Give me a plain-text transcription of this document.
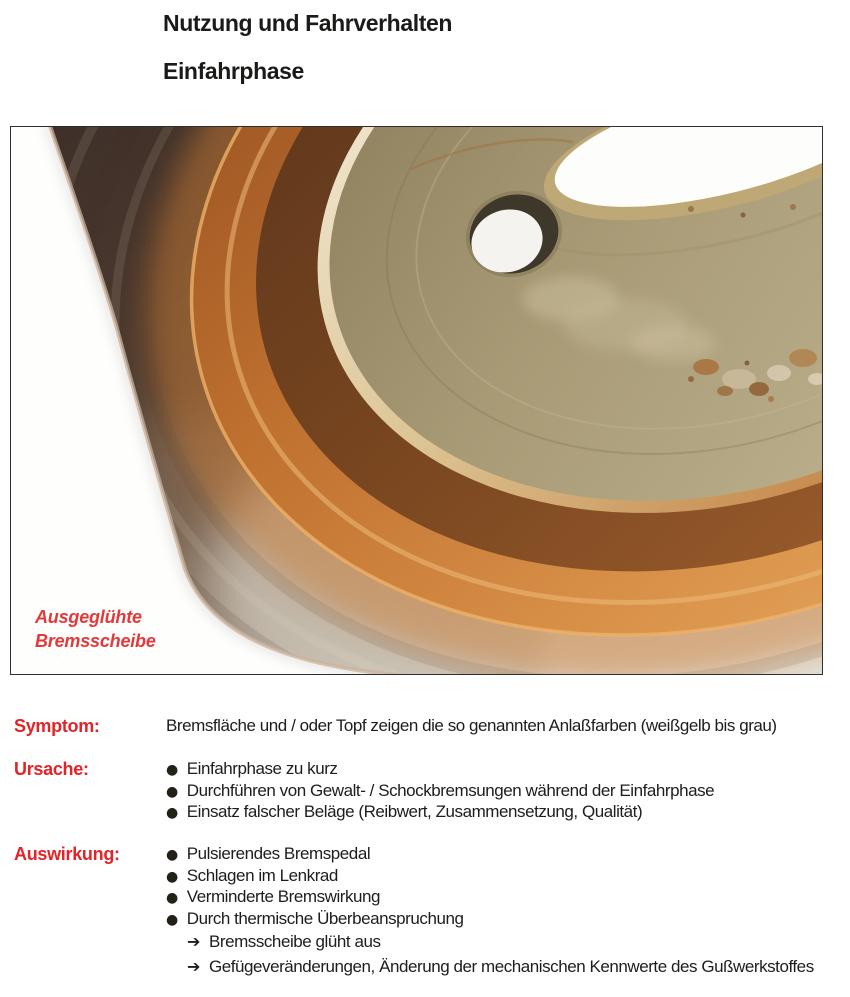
Nutzung und Fahrverhalten
Einfahrphase
Ausgeglühte
Bremsscheibe
Symptom:	Bremsfläche und / oder Topf zeigen die so genannten Anlaßfarben (weißgelb bis grau)
Ursache:	● Einfahrphase zu kurz
● Durchführen von Gewalt- / Schockbremsungen während der Einfahrphase
● Einsatz falscher Beläge (Reibwert, Zusammensetzung, Qualität)
Auswirkung:	● Pulsierendes Bremspedal
● Schlagen im Lenkrad
● Verminderte Bremswirkung
● Durch thermische Überbeanspruchung
➔ Bremsscheibe glüht aus
➔ Gefügeveränderungen, Änderung der mechanischen Kennwerte des Gußwerkstoffes
